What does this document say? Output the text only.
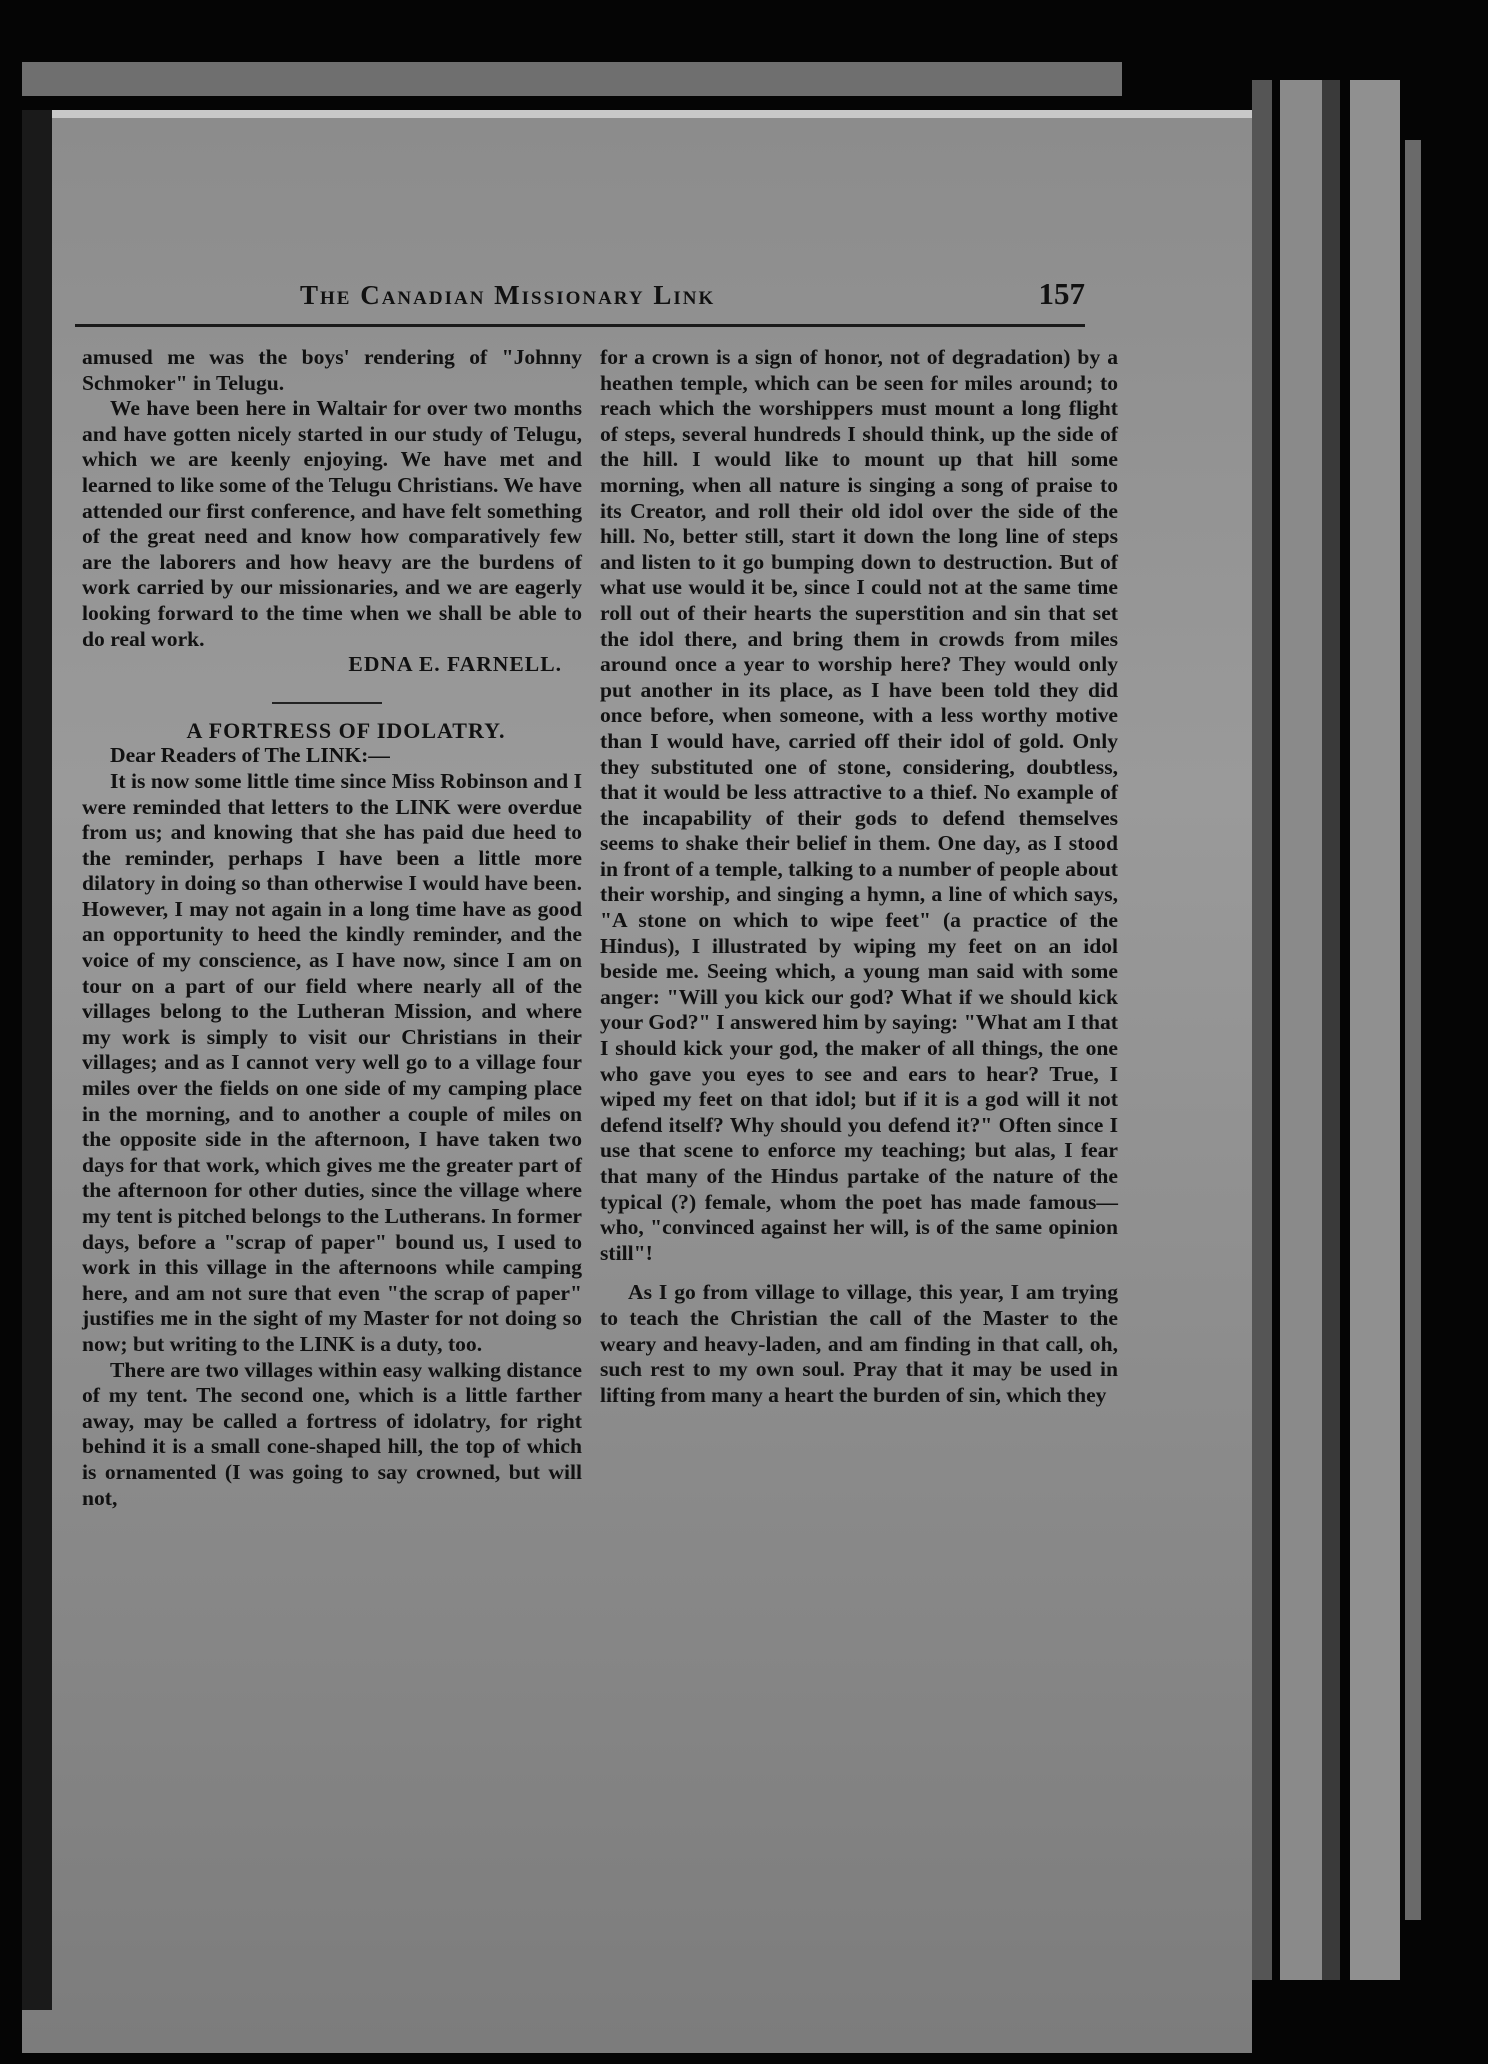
The Canadian Missionary Link	157

amused me was the boys' rendering of "Johnny Schmoker" in Telugu.

We have been here in Waltair for over two months and have gotten nicely started in our study of Telugu, which we are keenly enjoying. We have met and learned to like some of the Telugu Christians. We have attended our first conference, and have felt something of the great need and know how comparatively few are the laborers and how heavy are the burdens of work carried by our missionaries, and we are eagerly looking forward to the time when we shall be able to do real work.

EDNA E. FARNELL.

A FORTRESS OF IDOLATRY.

Dear Readers of The LINK:—

It is now some little time since Miss Robinson and I were reminded that letters to the LINK were overdue from us; and knowing that she has paid due heed to the reminder, perhaps I have been a little more dilatory in doing so than otherwise I would have been. However, I may not again in a long time have as good an opportunity to heed the kindly reminder, and the voice of my conscience, as I have now, since I am on tour on a part of our field where nearly all of the villages belong to the Lutheran Mission, and where my work is simply to visit our Christians in their villages; and as I cannot very well go to a village four miles over the fields on one side of my camping place in the morning, and to another a couple of miles on the opposite side in the afternoon, I have taken two days for that work, which gives me the greater part of the afternoon for other duties, since the village where my tent is pitched belongs to the Lutherans. In former days, before a "scrap of paper" bound us, I used to work in this village in the afternoons while camping here, and am not sure that even "the scrap of paper" justifies me in the sight of my Master for not doing so now; but writing to the LINK is a duty, too.

There are two villages within easy walking distance of my tent. The second one, which is a little farther away, may be called a fortress of idolatry, for right behind it is a small cone-shaped hill, the top of which is ornamented (I was going to say crowned, but will not,

for a crown is a sign of honor, not of degradation) by a heathen temple, which can be seen for miles around; to reach which the worshippers must mount a long flight of steps, several hundreds I should think, up the side of the hill. I would like to mount up that hill some morning, when all nature is singing a song of praise to its Creator, and roll their old idol over the side of the hill. No, better still, start it down the long line of steps and listen to it go bumping down to destruction. But of what use would it be, since I could not at the same time roll out of their hearts the superstition and sin that set the idol there, and bring them in crowds from miles around once a year to worship here? They would only put another in its place, as I have been told they did once before, when someone, with a less worthy motive than I would have, carried off their idol of gold. Only they substituted one of stone, considering, doubtless, that it would be less attractive to a thief. No example of the incapability of their gods to defend themselves seems to shake their belief in them. One day, as I stood in front of a temple, talking to a number of people about their worship, and singing a hymn, a line of which says, "A stone on which to wipe feet" (a practice of the Hindus), I illustrated by wiping my feet on an idol beside me. Seeing which, a young man said with some anger: "Will you kick our god? What if we should kick your God?" I answered him by saying: "What am I that I should kick your god, the maker of all things, the one who gave you eyes to see and ears to hear? True, I wiped my feet on that idol; but if it is a god will it not defend itself? Why should you defend it?" Often since I use that scene to enforce my teaching; but alas, I fear that many of the Hindus partake of the nature of the typical (?) female, whom the poet has made famous—who, "convinced against her will, is of the same opinion still"!

As I go from village to village, this year, I am trying to teach the Christian the call of the Master to the weary and heavy-laden, and am finding in that call, oh, such rest to my own soul. Pray that it may be used in lifting from many a heart the burden of sin, which they
